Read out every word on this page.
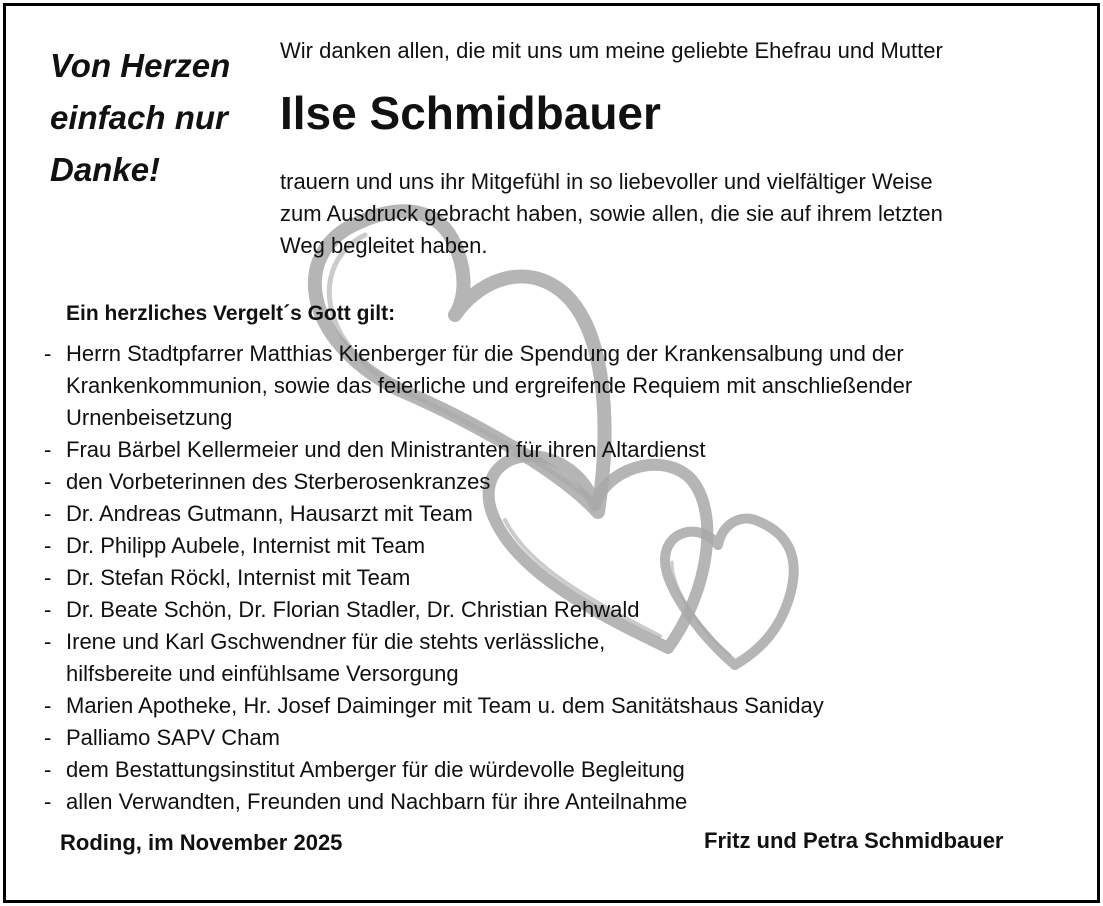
Von Herzen
einfach nur
Danke!
Wir danken allen, die mit uns um meine geliebte Ehefrau und Mutter
Ilse Schmidbauer
trauern und uns ihr Mitgefühl in so liebevoller und vielfältiger Weise
zum Ausdruck gebracht haben, sowie allen, die sie auf ihrem letzten
Weg begleitet haben.
Ein herzliches Vergelt´s Gott gilt:
- Herrn Stadtpfarrer Matthias Kienberger für die Spendung der Krankensalbung und der
Krankenkommunion, sowie das feierliche und ergreifende Requiem mit anschließender
Urnenbeisetzung
- Frau Bärbel Kellermeier und den Ministranten für ihren Altardienst
- den Vorbeterinnen des Sterberosenkranzes
- Dr. Andreas Gutmann, Hausarzt mit Team
- Dr. Philipp Aubele, Internist mit Team
- Dr. Stefan Röckl, Internist mit Team
- Dr. Beate Schön, Dr. Florian Stadler, Dr. Christian Rehwald
- Irene und Karl Gschwendner für die stehts verlässliche,
hilfsbereite und einfühlsame Versorgung
- Marien Apotheke, Hr. Josef Daiminger mit Team u. dem Sanitätshaus Saniday
- Palliamo SAPV Cham
- dem Bestattungsinstitut Amberger für die würdevolle Begleitung
- allen Verwandten, Freunden und Nachbarn für ihre Anteilnahme
Roding, im November 2025	Fritz und Petra Schmidbauer
